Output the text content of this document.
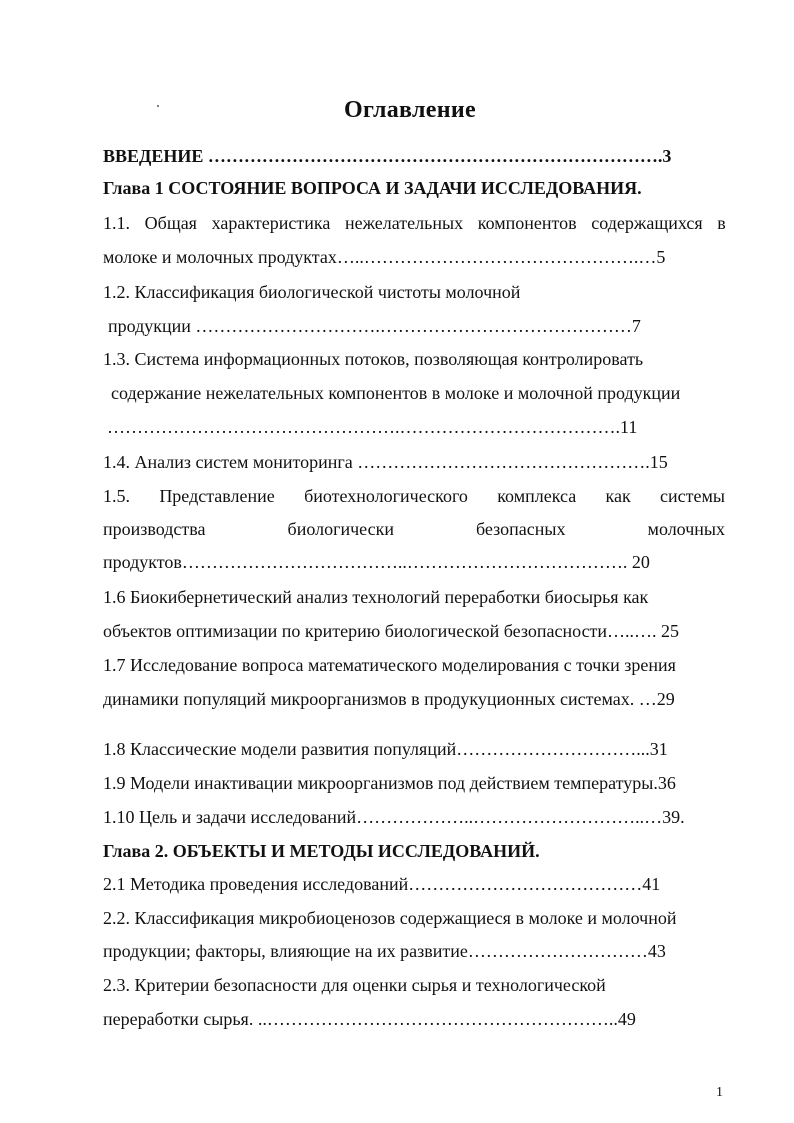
Оглавление
ВВЕДЕНИЕ ………………………………………………………………….3
Глава 1 СОСТОЯНИЕ ВОПРОСА И ЗАДАЧИ ИССЛЕДОВАНИЯ.
1.1. Общая характеристика нежелательных компонентов содержащихся в
молоке и молочных продуктах…..……………………………………….…5
1.2. Классификация биологической чистоты молочной
продукции ………………………….……………………………………7
1.3. Система информационных потоков, позволяющая контролировать
содержание нежелательных компонентов в молоке и молочной продукции
………………………………………….……………………………….11
1.4. Анализ систем мониторинга ………………………………………….15
1.5. Представление биотехнологического комплекса как системы
производства	биологически	безопасных	молочных
продуктов………………………………..………………………………. 20
1.6 Биокибернетический анализ технологий переработки биосырья как
объектов оптимизации по критерию биологической безопасности…..…. 25
1.7 Исследование вопроса математического моделирования с точки зрения
динамики популяций микроорганизмов в продукуционных системах. …29
1.8 Классические модели развития популяций…………………………...31
1.9 Модели инактивации микроорганизмов под действием температуры.36
1.10 Цель и задачи исследований………………..………………………..…39.
Глава 2. ОБЪЕКТЫ И МЕТОДЫ ИССЛЕДОВАНИЙ.
2.1 Методика проведения исследований…………………………………41
2.2. Классификация микробиоценозов содержащиеся в молоке и молочной
продукции; факторы, влияющие на их развитие…………………………43
2.3. Критерии безопасности для оценки сырья и технологической
переработки сырья. ..…………………………………………………..49
1
